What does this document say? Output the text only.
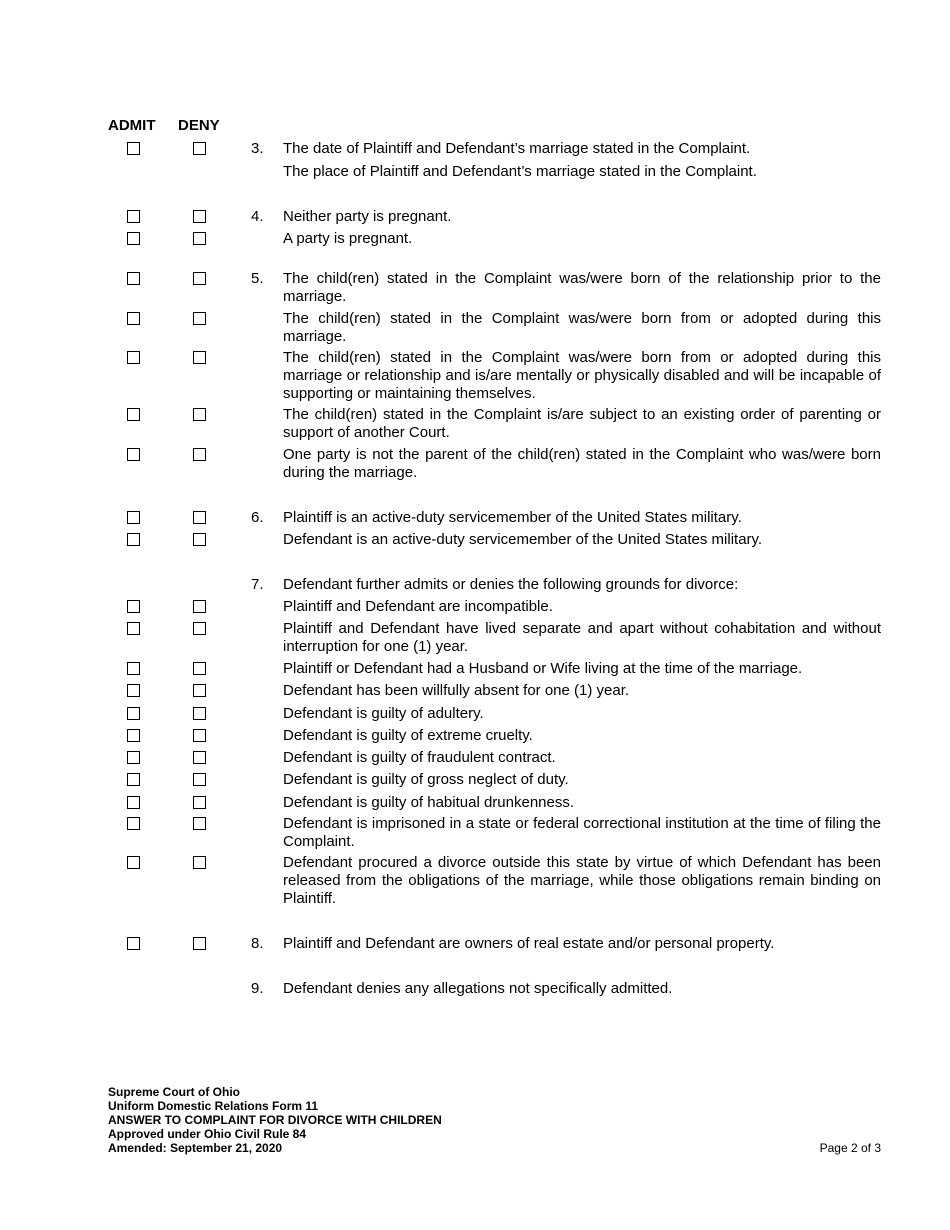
ADMIT DENY
3. The date of Plaintiff and Defendant’s marriage stated in the Complaint.
The place of Plaintiff and Defendant’s marriage stated in the Complaint.
4. Neither party is pregnant.
A party is pregnant.
5. The child(ren) stated in the Complaint was/were born of the relationship prior to the marriage.
The child(ren) stated in the Complaint was/were born from or adopted during this marriage.
The child(ren) stated in the Complaint was/were born from or adopted during this marriage or relationship and is/are mentally or physically disabled and will be incapable of supporting or maintaining themselves.
The child(ren) stated in the Complaint is/are subject to an existing order of parenting or support of another Court.
One party is not the parent of the child(ren) stated in the Complaint who was/were born during the marriage.
6. Plaintiff is an active-duty servicemember of the United States military.
Defendant is an active-duty servicemember of the United States military.
7. Defendant further admits or denies the following grounds for divorce:
Plaintiff and Defendant are incompatible.
Plaintiff and Defendant have lived separate and apart without cohabitation and without interruption for one (1) year.
Plaintiff or Defendant had a Husband or Wife living at the time of the marriage.
Defendant has been willfully absent for one (1) year.
Defendant is guilty of adultery.
Defendant is guilty of extreme cruelty.
Defendant is guilty of fraudulent contract.
Defendant is guilty of gross neglect of duty.
Defendant is guilty of habitual drunkenness.
Defendant is imprisoned in a state or federal correctional institution at the time of filing the Complaint.
Defendant procured a divorce outside this state by virtue of which Defendant has been released from the obligations of the marriage, while those obligations remain binding on Plaintiff.
8. Plaintiff and Defendant are owners of real estate and/or personal property.
9. Defendant denies any allegations not specifically admitted.
Supreme Court of Ohio
Uniform Domestic Relations Form 11
ANSWER TO COMPLAINT FOR DIVORCE WITH CHILDREN
Approved under Ohio Civil Rule 84
Amended: September 21, 2020	Page 2 of 3
